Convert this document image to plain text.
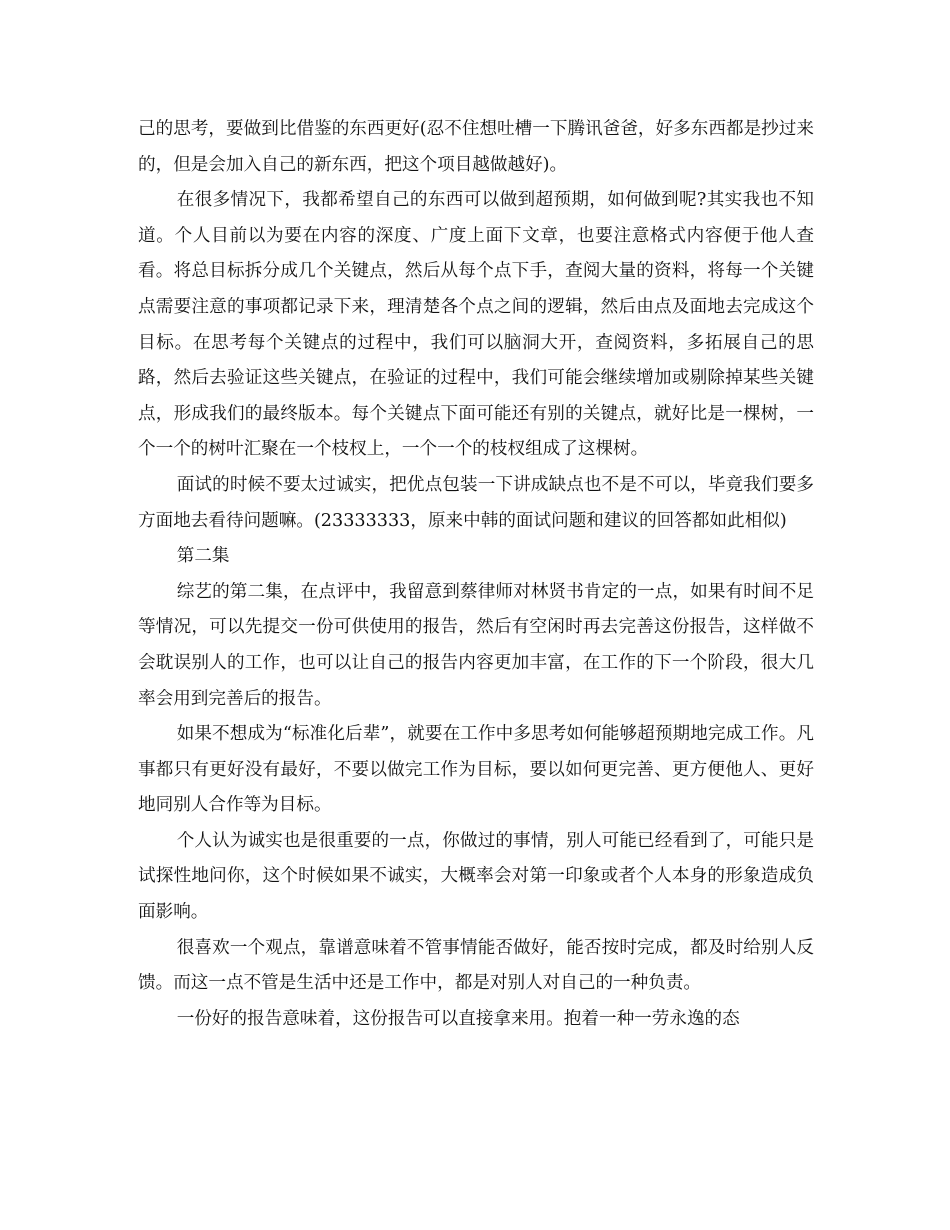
己的思考，要做到比借鉴的东西更好(忍不住想吐槽一下腾讯爸爸，好多东西都是抄过来的，但是会加入自己的新东西，把这个项目越做越好)。

在很多情况下，我都希望自己的东西可以做到超预期，如何做到呢?其实我也不知道。个人目前以为要在内容的深度、广度上面下文章，也要注意格式内容便于他人查看。将总目标拆分成几个关键点，然后从每个点下手，查阅大量的资料，将每一个关键点需要注意的事项都记录下来，理清楚各个点之间的逻辑，然后由点及面地去完成这个目标。在思考每个关键点的过程中，我们可以脑洞大开，查阅资料，多拓展自己的思路，然后去验证这些关键点，在验证的过程中，我们可能会继续增加或剔除掉某些关键点，形成我们的最终版本。每个关键点下面可能还有别的关键点，就好比是一棵树，一个一个的树叶汇聚在一个枝杈上，一个一个的枝杈组成了这棵树。

面试的时候不要太过诚实，把优点包装一下讲成缺点也不是不可以，毕竟我们要多方面地去看待问题嘛。(23333333，原来中韩的面试问题和建议的回答都如此相似)

第二集

综艺的第二集，在点评中，我留意到蔡律师对林贤书肯定的一点，如果有时间不足等情况，可以先提交一份可供使用的报告，然后有空闲时再去完善这份报告，这样做不会耽误别人的工作，也可以让自己的报告内容更加丰富，在工作的下一个阶段，很大几率会用到完善后的报告。

如果不想成为“标准化后辈”，就要在工作中多思考如何能够超预期地完成工作。凡事都只有更好没有最好，不要以做完工作为目标，要以如何更完善、更方便他人、更好地同别人合作等为目标。

个人认为诚实也是很重要的一点，你做过的事情，别人可能已经看到了，可能只是试探性地问你，这个时候如果不诚实，大概率会对第一印象或者个人本身的形象造成负面影响。

很喜欢一个观点，靠谱意味着不管事情能否做好，能否按时完成，都及时给别人反馈。而这一点不管是生活中还是工作中，都是对别人对自己的一种负责。

一份好的报告意味着，这份报告可以直接拿来用。抱着一种一劳永逸的态
